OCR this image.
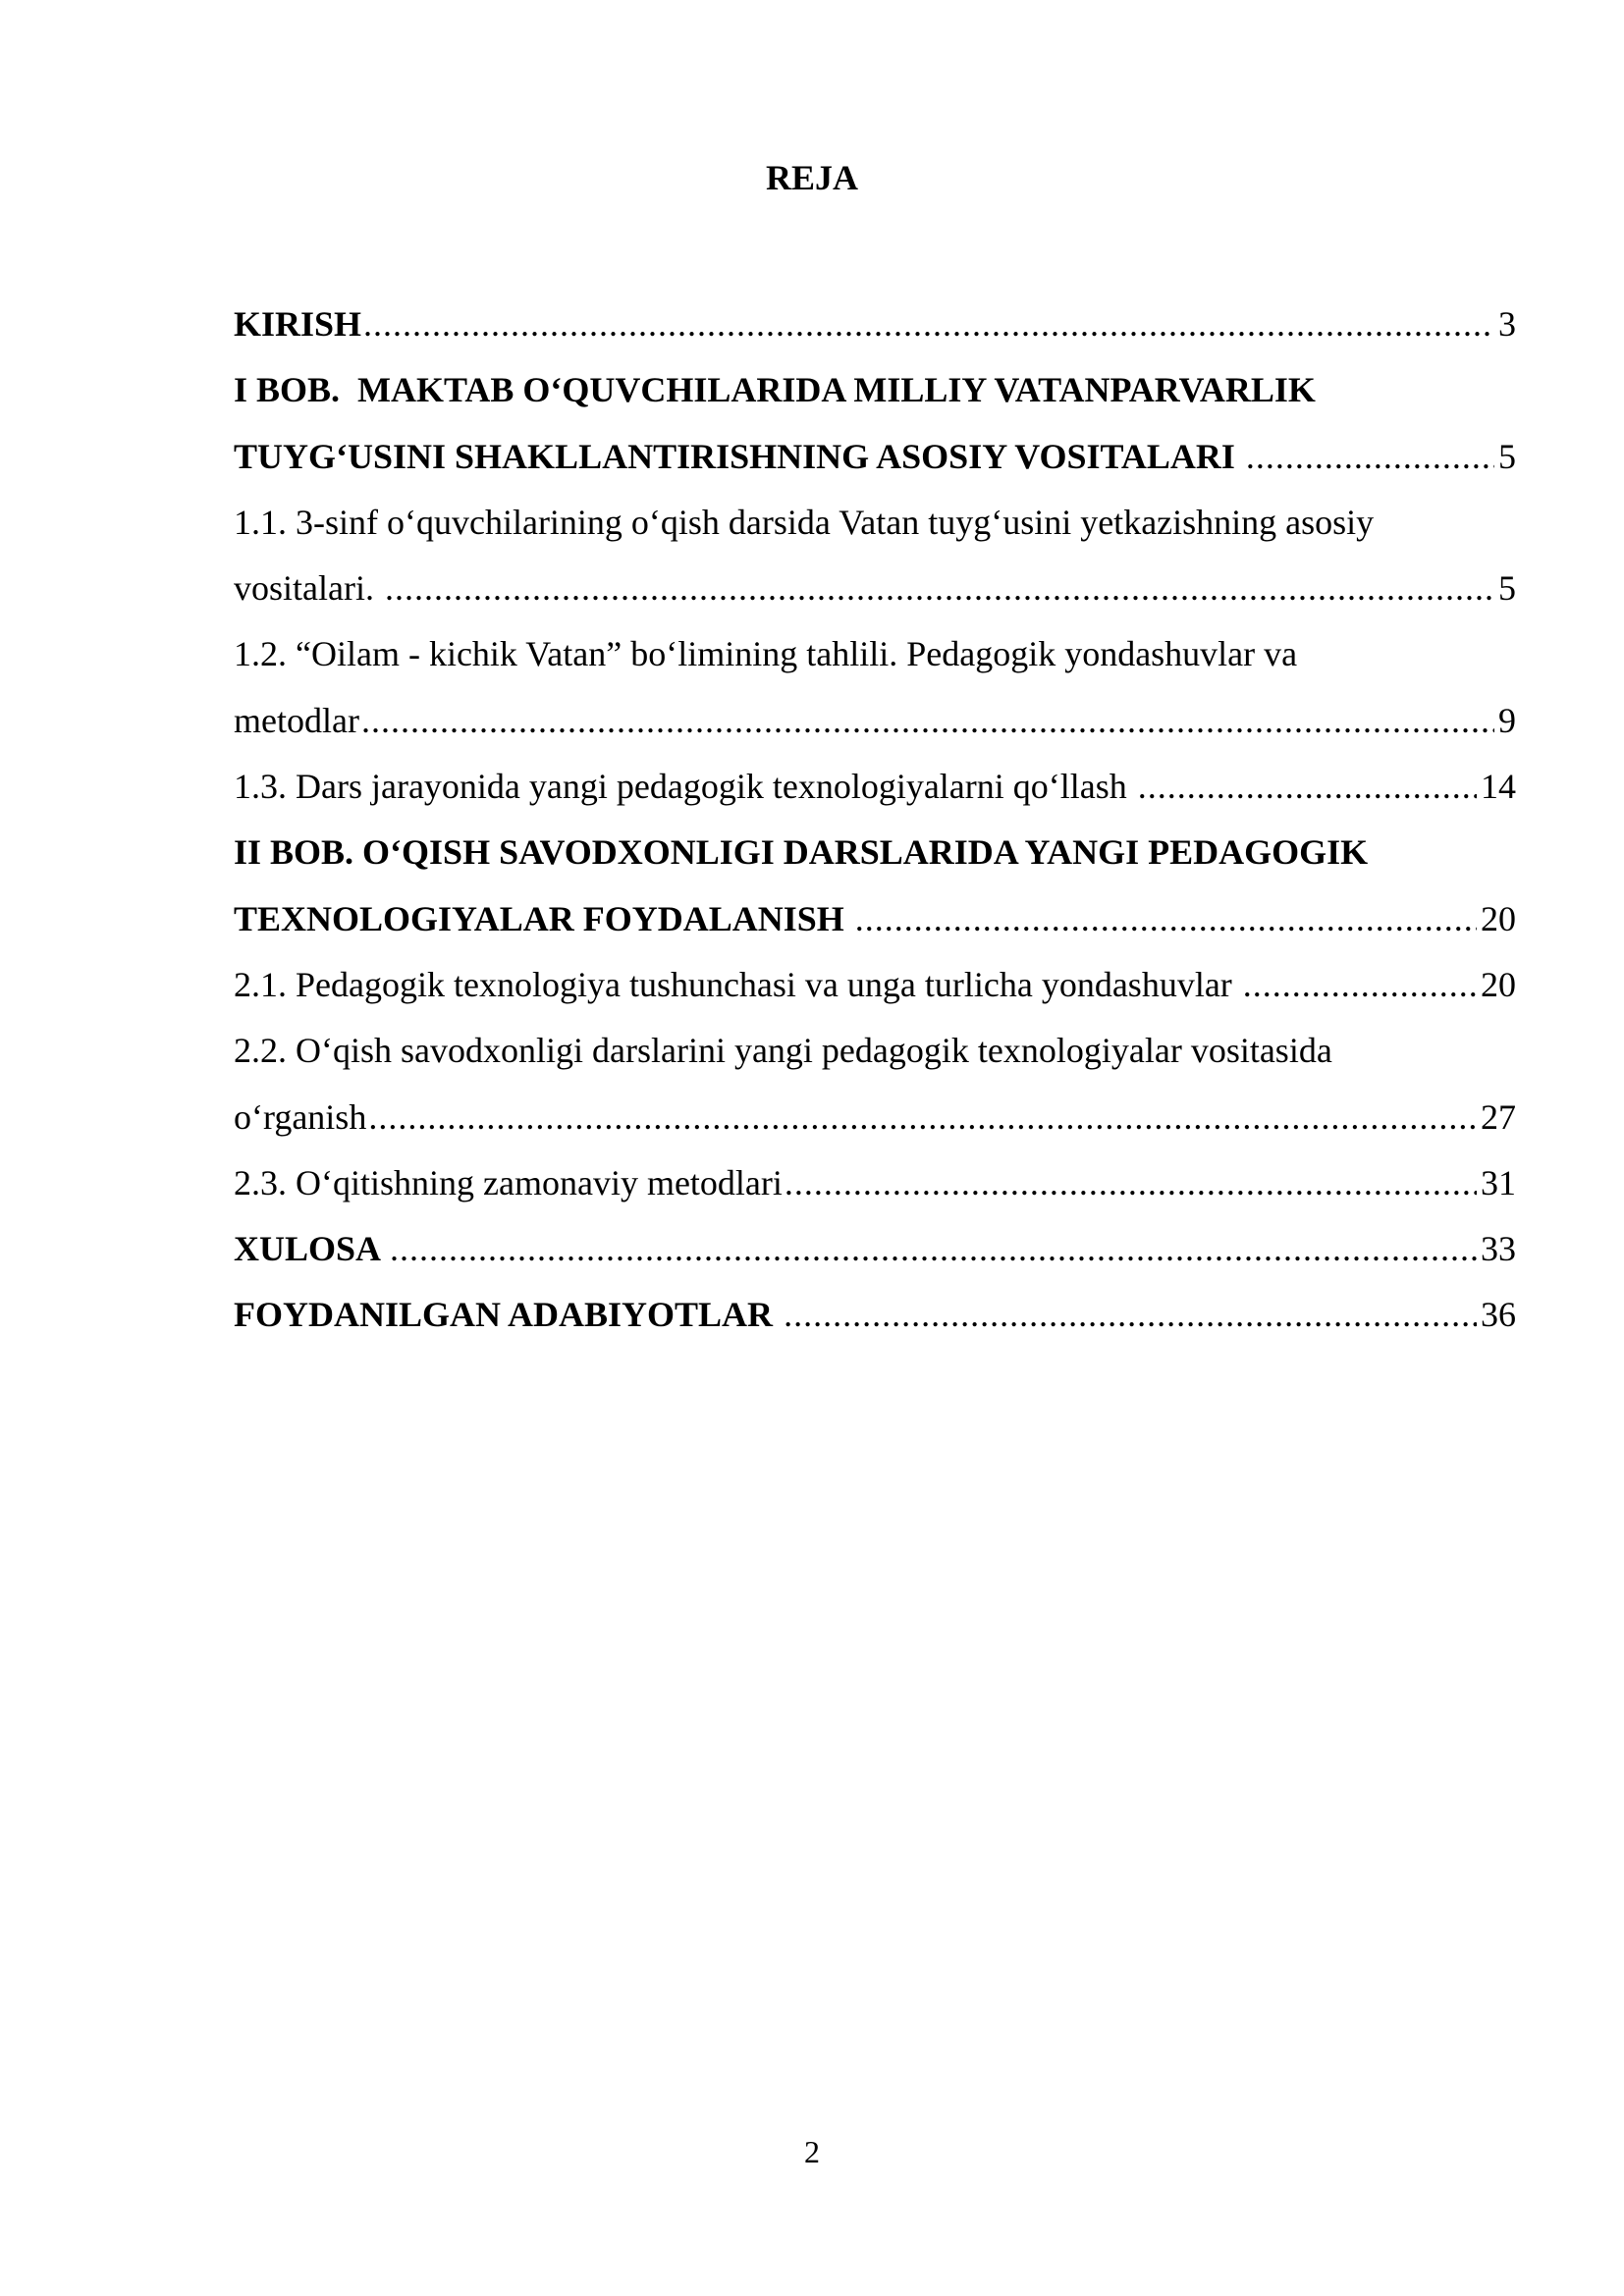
REJA
KIRISH .....	3
I BOB.  MAKTAB O‘QUVCHILARIDA MILLIY VATANPARVARLIK
TUYG‘USINI SHAKLLANTIRISHNING ASOSIY VOSITALARI .....	5
1.1. 3-sinf o‘quvchilarining o‘qish darsida Vatan tuyg‘usini yetkazishning asosiy
vositalari. .....	5
1.2. “Oilam - kichik Vatan” bo‘limining tahlili. Pedagogik yondashuvlar va
metodlar .....	9
1.3. Dars jarayonida yangi pedagogik texnologiyalarni qo‘llash .....	14
II BOB. O‘QISH SAVODXONLIGI DARSLARIDA YANGI PEDAGOGIK
TEXNOLOGIYALAR FOYDALANISH .....	20
2.1. Pedagogik texnologiya tushunchasi va unga turlicha yondashuvlar .....	20
2.2. O‘qish savodxonligi darslarini yangi pedagogik texnologiyalar vositasida
o‘rganish .....	27
2.3. O‘qitishning zamonaviy metodlari .....	31
XULOSA .....	33
FOYDANILGAN ADABIYOTLAR .....	36
2
